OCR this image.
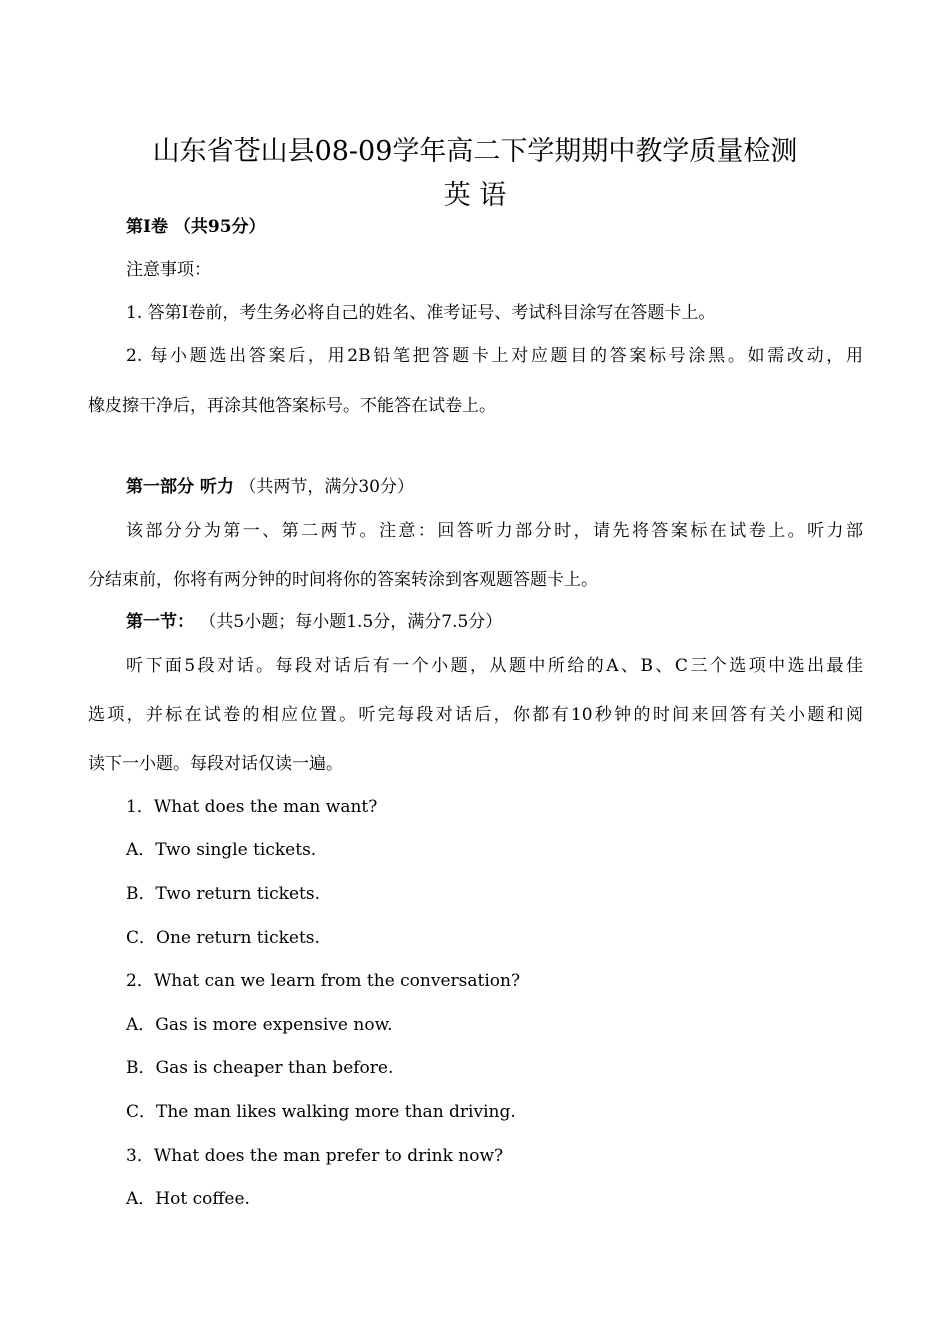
山东省苍山县08-09学年高二下学期期中教学质量检测
英 语
第Ⅰ卷 （共95分）
注意事项：
1. 答第I卷前，考生务必将自己的姓名、准考证号、考试科目涂写在答题卡上。
2. 每小题选出答案后，用2B铅笔把答题卡上对应题目的答案标号涂黑。如需改动，用
橡皮擦干净后，再涂其他答案标号。不能答在试卷上。
第一部分 听力 （共两节，满分30分）
该部分分为第一、第二两节。注意：回答听力部分时，请先将答案标在试卷上。听力部
分结束前，你将有两分钟的时间将你的答案转涂到客观题答题卡上。
第一节： （共5小题；每小题1.5分，满分7.5分）
听下面5段对话。每段对话后有一个小题，从题中所给的A、B、C三个选项中选出最佳
选项，并标在试卷的相应位置。听完每段对话后，你都有10秒钟的时间来回答有关小题和阅
读下一小题。每段对话仅读一遍。
1．What does the man want?
A．Two single tickets.
B．Two return tickets.
C．One return tickets.
2．What can we learn from the conversation?
A．Gas is more expensive now.
B．Gas is cheaper than before.
C．The man likes walking more than driving.
3．What does the man prefer to drink now?
A．Hot coffee.
